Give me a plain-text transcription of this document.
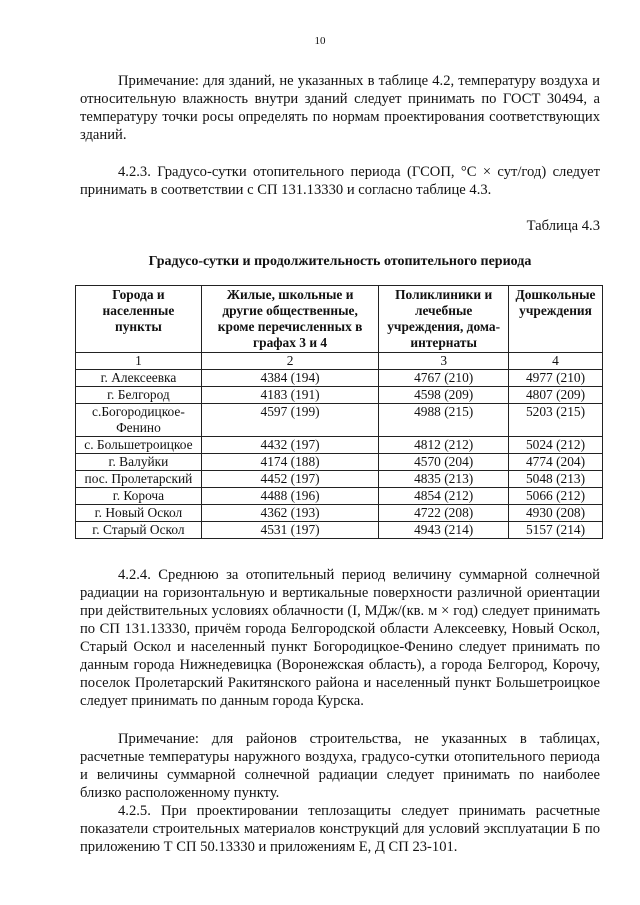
10

Примечание: для зданий, не указанных в таблице 4.2, температуру воздуха и относительную влажность внутри зданий следует принимать по ГОСТ 30494, а температуру точки росы определять по нормам проектирования соответствующих зданий.

4.2.3. Градусо-сутки отопительного периода (ГСОП, °С × сут/год) следует принимать в соответствии с СП 131.13330 и согласно таблице 4.3.

Таблица 4.3
Градусо-сутки и продолжительность отопительного периода
Города и населенные пункты	Жилые, школьные и другие общественные, кроме перечисленных в графах 3 и 4	Поликлиники и лечебные учреждения, дома-интернаты	Дошкольные учреждения
1	2	3	4
г. Алексеевка	4384 (194)	4767 (210)	4977 (210)
г. Белгород	4183 (191)	4598 (209)	4807 (209)
с.Богородицкое-Фенино	4597 (199)	4988 (215)	5203 (215)
с. Большетроицкое	4432 (197)	4812 (212)	5024 (212)
г. Валуйки	4174 (188)	4570 (204)	4774 (204)
пос. Пролетарский	4452 (197)	4835 (213)	5048 (213)
г. Короча	4488 (196)	4854 (212)	5066 (212)
г. Новый Оскол	4362 (193)	4722 (208)	4930 (208)
г. Старый Оскол	4531 (197)	4943 (214)	5157 (214)

4.2.4. Среднюю за отопительный период величину суммарной солнечной радиации на горизонтальную и вертикальные поверхности различной ориентации при действительных условиях облачности (I, МДж/(кв. м × год) следует принимать по СП 131.13330, причём города Белгородской области Алексеевку, Новый Оскол, Старый Оскол и населенный пункт Богородицкое-Фенино следует принимать по данным города Нижнедевицка (Воронежская область), а города Белгород, Корочу, поселок Пролетарский Ракитянского района и населенный пункт Большетроицкое следует принимать по данным города Курска.

Примечание: для районов строительства, не указанных в таблицах, расчетные температуры наружного воздуха, градусо-сутки отопительного периода и величины суммарной солнечной радиации следует принимать по наиболее близко расположенному пункту.

4.2.5. При проектировании теплозащиты следует принимать расчетные показатели строительных материалов конструкций для условий эксплуатации Б по приложению Т СП 50.13330 и приложениям Е, Д СП 23-101.
